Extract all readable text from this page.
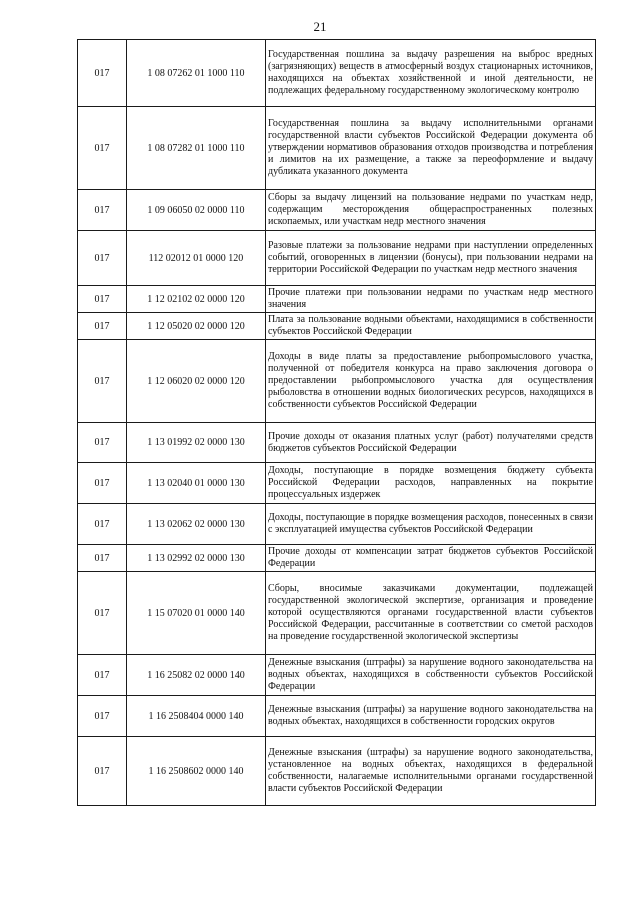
21
017	1 08 07262 01 1000 110	Государственная пошлина за выдачу разрешения на выброс вредных (загрязняющих) веществ в атмосферный воздух стационарных источников, находящихся на объектах хозяйственной и иной деятельности, не подлежащих федеральному государственному экологическому контролю
017	1 08 07282 01 1000 110	Государственная пошлина за выдачу исполнительными органами государственной власти субъектов Российской Федерации документа об утверждении нормативов образования отходов производства и потребления и лимитов на их размещение, а также за переоформление и выдачу дубликата указанного документа
017	1 09 06050 02 0000 110	Сборы за выдачу лицензий на пользование недрами по участкам недр, содержащим месторождения общераспространенных полезных ископаемых, или участкам недр местного значения
017	112 02012 01 0000 120	Разовые платежи за пользование недрами при наступлении определенных событий, оговоренных в лицензии (бонусы), при пользовании недрами на территории Российской Федерации по участкам недр местного значения
017	1 12 02102 02 0000 120	Прочие платежи при пользовании недрами по участкам недр местного значения
017	1 12 05020 02 0000 120	Плата за пользование водными объектами, находящимися в собственности субъектов Российской Федерации
017	1 12 06020 02 0000 120	Доходы в виде платы за предоставление рыбопромыслового участка, полученной от победителя конкурса на право заключения договора о предоставлении рыбопромыслового участка для осуществления рыболовства в отношении водных биологических ресурсов, находящихся в собственности субъектов Российской Федерации
017	1 13 01992 02 0000 130	Прочие доходы от оказания платных услуг (работ) получателями средств бюджетов субъектов Российской Федерации
017	1 13 02040 01 0000 130	Доходы, поступающие в порядке возмещения бюджету субъекта Российской Федерации расходов, направленных на покрытие процессуальных издержек
017	1 13 02062 02 0000 130	Доходы, поступающие в порядке возмещения расходов, понесенных в связи с эксплуатацией имущества субъектов Российской Федерации
017	1 13 02992 02 0000 130	Прочие доходы от компенсации затрат бюджетов субъектов Российской Федерации
017	1 15 07020 01 0000 140	Сборы, вносимые заказчиками документации, подлежащей государственной экологической экспертизе, организация и проведение которой осуществляются органами государственной власти субъектов Российской Федерации, рассчитанные в соответствии со сметой расходов на проведение государственной экологической экспертизы
017	1 16 25082 02 0000 140	Денежные взыскания (штрафы) за нарушение водного законодательства на водных объектах, находящихся в собственности субъектов Российской Федерации
017	1 16 2508404 0000 140	Денежные взыскания (штрафы) за нарушение водного законодательства на водных объектах, находящихся в собственности городских округов
017	1 16 2508602 0000 140	Денежные взыскания (штрафы) за нарушение водного законодательства, установленное на водных объектах, находящихся в федеральной собственности, налагаемые исполнительными органами государственной власти субъектов Российской Федерации
